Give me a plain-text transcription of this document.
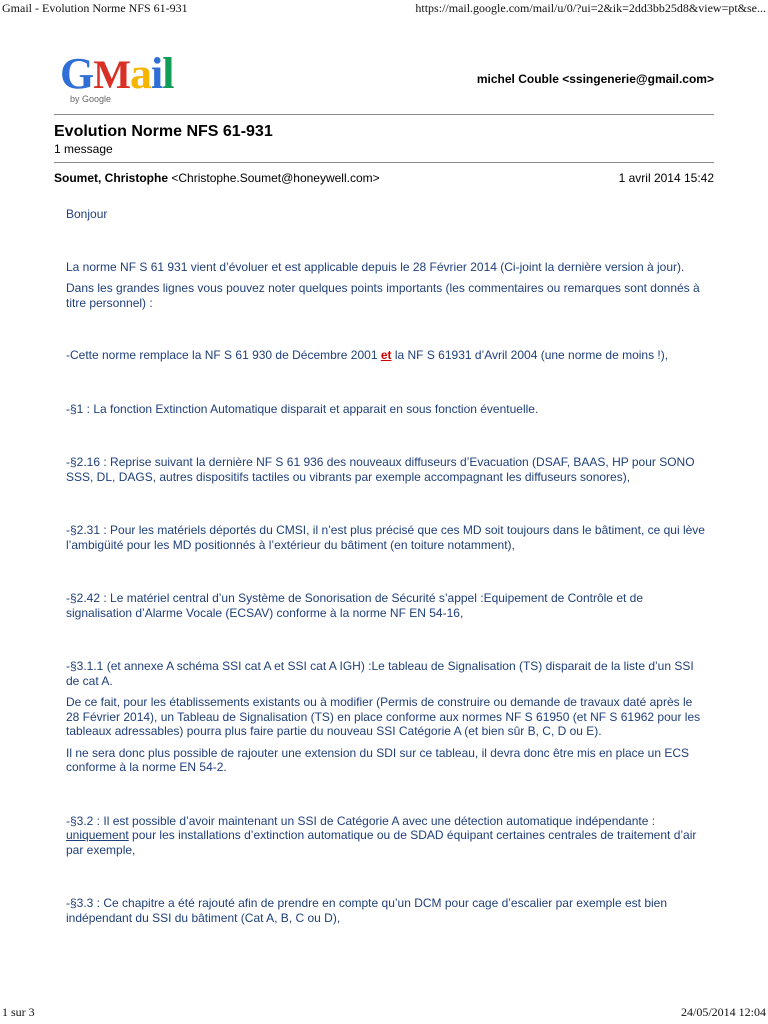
Gmail - Evolution Norme NFS 61-931	https://mail.google.com/mail/u/0/?ui=2&ik=2dd3bb25d8&view=pt&se...
GMail
by Google
michel Couble <ssingenerie@gmail.com>
Evolution Norme NFS 61-931
1 message
Soumet, Christophe <Christophe.Soumet@honeywell.com>	1 avril 2014 15:42

Bonjour

La norme NF S 61 931 vient d’évoluer et est applicable depuis le 28 Février 2014 (Ci-joint la dernière version à jour).

Dans les grandes lignes vous pouvez noter quelques points importants (les commentaires ou remarques sont donnés à titre personnel) :

-Cette norme remplace la NF S 61 930 de Décembre 2001 et la NF S 61931 d’Avril 2004 (une norme de moins !),

-§1 : La fonction Extinction Automatique disparait et apparait en sous fonction éventuelle.

-§2.16 : Reprise suivant la dernière NF S 61 936 des nouveaux diffuseurs d’Evacuation (DSAF, BAAS, HP pour SONO SSS, DL, DAGS, autres dispositifs tactiles ou vibrants par exemple accompagnant les diffuseurs sonores),

-§2.31 : Pour les matériels déportés du CMSI, il n’est plus précisé que ces MD soit toujours dans le bâtiment, ce qui lève l’ambigüité pour les MD positionnés à l’extérieur du bâtiment (en toiture notamment),

-§2.42 : Le matériel central d’un Système de Sonorisation de Sécurité s’appel :Equipement de Contrôle et de signalisation d’Alarme Vocale (ECSAV) conforme à la norme NF EN 54-16,

-§3.1.1 (et annexe A schéma SSI cat A et SSI cat A IGH) :Le tableau de Signalisation (TS) disparait de la liste d’un SSI de cat A.

De ce fait, pour les établissements existants ou à modifier (Permis de construire ou demande de travaux daté après le 28 Février 2014), un Tableau de Signalisation (TS) en place conforme aux normes NF S 61950 (et NF S 61962 pour les tableaux adressables) pourra plus faire partie du nouveau SSI Catégorie A (et bien sûr B, C, D ou E).

Il ne sera donc plus possible de rajouter une extension du SDI sur ce tableau, il devra donc être mis en place un ECS conforme à la norme EN 54-2.

-§3.2 : Il est possible d’avoir maintenant un SSI de Catégorie A avec une détection automatique indépendante : uniquement pour les installations d’extinction automatique ou de SDAD équipant certaines centrales de traitement d’air par exemple,

-§3.3 : Ce chapitre a été rajouté afin de prendre en compte qu’un DCM pour cage d’escalier par exemple est bien indépendant du SSI du bâtiment (Cat A, B, C ou D),

1 sur 3	24/05/2014 12:04
